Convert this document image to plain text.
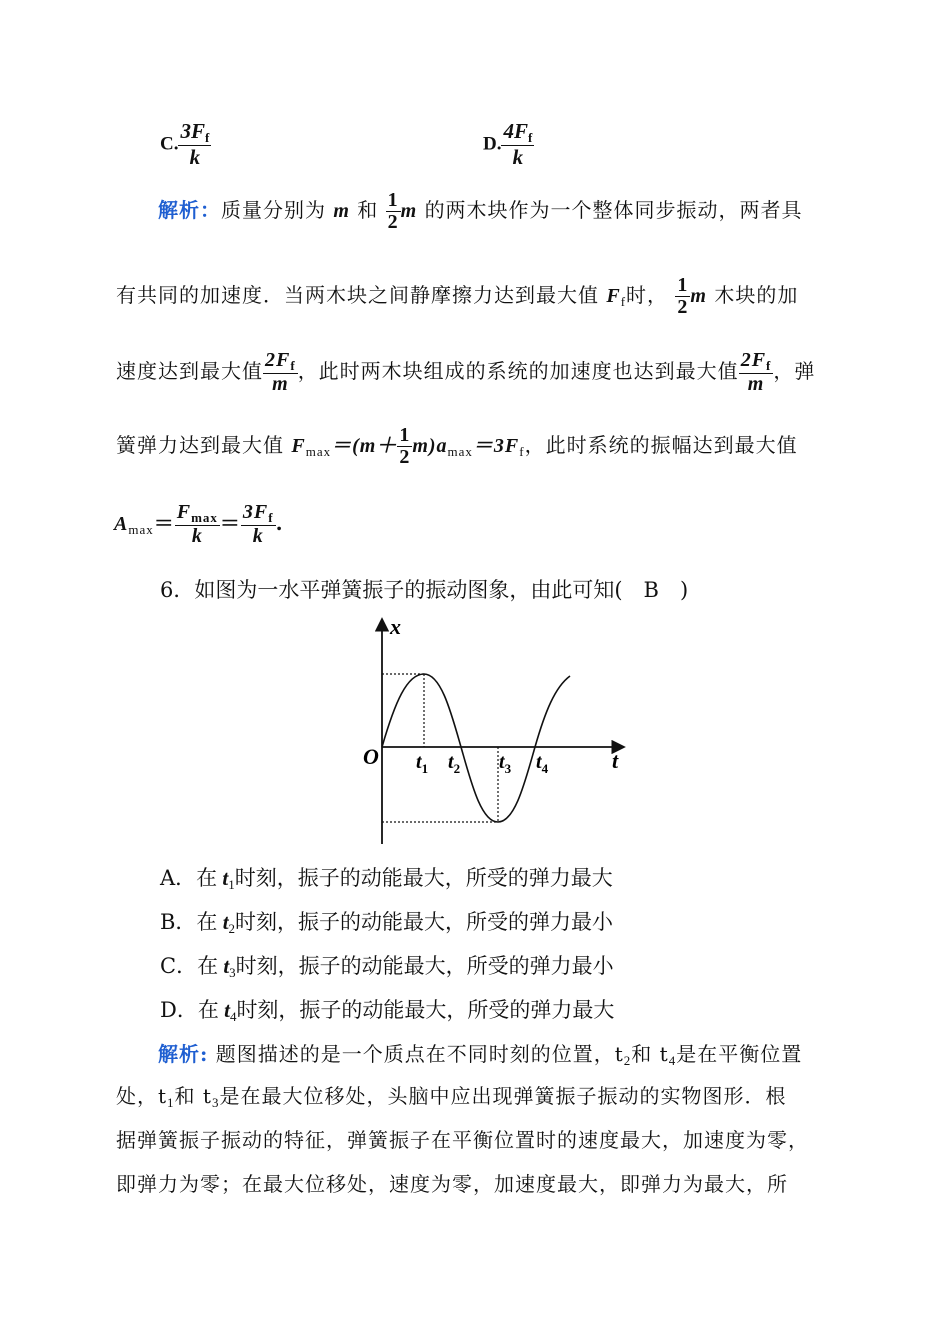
C. $\frac{3F_f}{k}$	D. $\frac{4F_f}{k}$
解析：质量分别为 m 和 $\frac{1}{2}$ m 的两木块作为一个整体同步振动，两者具
有共同的加速度．当两木块之间静摩擦力达到最大值 $F_f$时， $\frac{1}{2}$ m 木块的加
速度达到最大值 $\frac{2F_f}{m}$ ，此时两木块组成的系统的加速度也达到最大值 $\frac{2F_f}{m}$ ，弹
簧弹力达到最大值 $F_{max}=(m+ \frac{1}{2} m)a_{max}=3F_f$，此时系统的振幅达到最大值
$A_{max}= \frac{F_{max}}{k} = \frac{3F_f}{k}$ .
6．如图为一水平弹簧振子的振动图象，由此可知(　B　)
x
t
O $t_1$ $t_2$ $t_3$ $t_4$
A．在 $t_1$时刻，振子的动能最大，所受的弹力最大
B．在 $t_2$时刻，振子的动能最大，所受的弹力最小
C．在 $t_3$时刻，振子的动能最大，所受的弹力最小
D．在 $t_4$时刻，振子的动能最大，所受的弹力最大
解析: 题图描述的是一个质点在不同时刻的位置，$t_2$和 $t_4$是在平衡位置
处，$t_1$和 $t_3$是在最大位移处，头脑中应出现弹簧振子振动的实物图形．根
据弹簧振子振动的特征，弹簧振子在平衡位置时的速度最大，加速度为零，
即弹力为零；在最大位移处，速度为零，加速度最大，即弹力为最大，所
